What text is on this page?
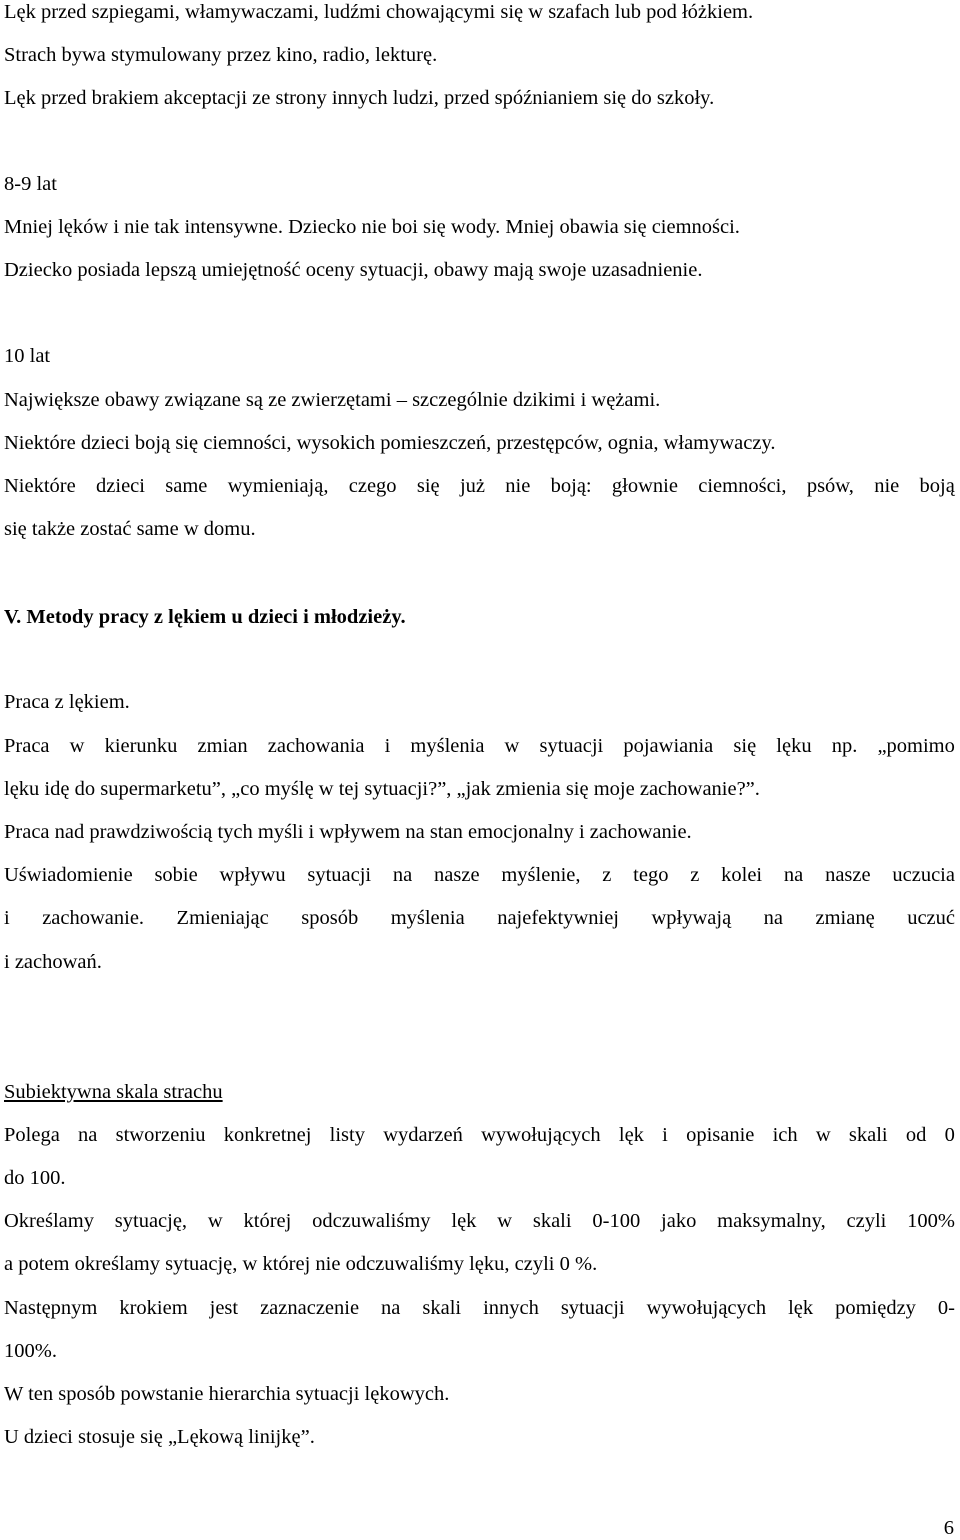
Lęk przed szpiegami, włamywaczami, ludźmi chowającymi się w szafach lub pod łóżkiem.
Strach bywa stymulowany przez kino, radio, lekturę.
Lęk przed brakiem akceptacji ze strony innych ludzi, przed spóźnianiem się do szkoły.
8-9 lat
Mniej lęków i nie tak intensywne. Dziecko nie boi się wody. Mniej obawia się ciemności.
Dziecko posiada lepszą umiejętność oceny sytuacji, obawy mają swoje uzasadnienie.
10 lat
Największe obawy związane są ze zwierzętami – szczególnie dzikimi i wężami.
Niektóre dzieci boją się ciemności, wysokich pomieszczeń, przestępców, ognia, włamywaczy.
Niektóre dzieci same wymieniają, czego się już nie boją: głownie ciemności, psów, nie boją
się także zostać same w domu.
V. Metody pracy z lękiem u dzieci i młodzieży.
Praca z lękiem.
Praca w kierunku zmian zachowania i myślenia w sytuacji pojawiania się lęku np. „pomimo
lęku idę do supermarketu”, „co myślę w tej sytuacji?”, „jak zmienia się moje zachowanie?”.
Praca nad prawdziwością tych myśli i wpływem na stan emocjonalny i zachowanie.
Uświadomienie sobie wpływu sytuacji na nasze myślenie, z tego z kolei na nasze uczucia
i zachowanie. Zmieniając sposób myślenia najefektywniej wpływają na zmianę uczuć
i zachowań.
Subiektywna skala strachu
Polega na stworzeniu konkretnej listy wydarzeń wywołujących lęk i opisanie ich w skali od 0
do 100.
Określamy sytuację, w której odczuwaliśmy lęk w skali 0-100 jako maksymalny, czyli 100%
a potem określamy sytuację, w której nie odczuwaliśmy lęku, czyli 0 %.
Następnym krokiem jest zaznaczenie na skali innych sytuacji wywołujących lęk pomiędzy 0-
100%.
W ten sposób powstanie hierarchia sytuacji lękowych.
U dzieci stosuje się „Lękową linijkę”.
6
